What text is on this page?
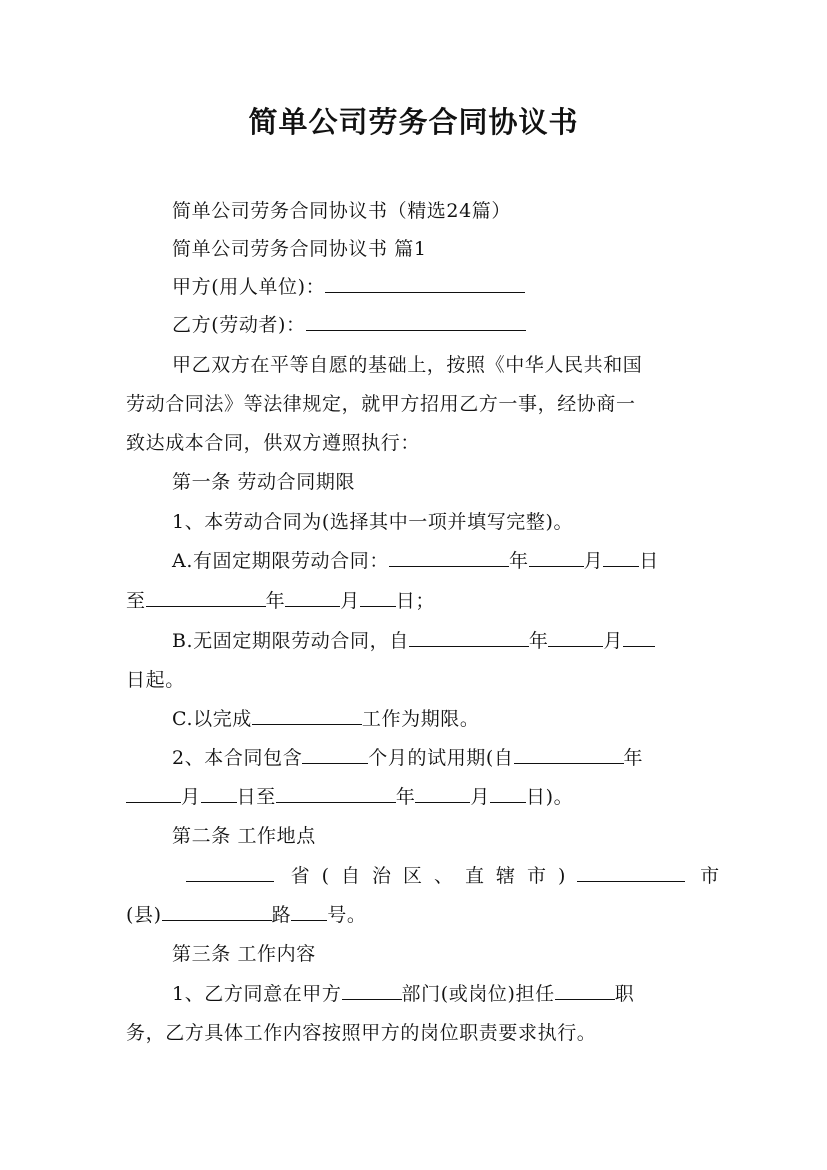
简单公司劳务合同协议书
简单公司劳务合同协议书（精选24篇）
简单公司劳务合同协议书 篇1
甲方(用人单位)：
乙方(劳动者)：
甲乙双方在平等自愿的基础上，按照《中华人民共和国
劳动合同法》等法律规定，就甲方招用乙方一事，经协商一
致达成本合同，供双方遵照执行：
第一条 劳动合同期限
1、本劳动合同为(选择其中一项并填写完整)。
A.有固定期限劳动合同：	年	月 日
至	年	月 日；
B.无固定期限劳动合同，自	年	月
日起。
C.以完成	工作为期限。
2、本合同包含	个月的试用期(自	年
月 日至	年	月 日)。
第二条 工作地点
省(自治区、直辖市)	市
(县)	路 号。
第三条 工作内容
1、乙方同意在甲方	部门(或岗位)担任	职
务，乙方具体工作内容按照甲方的岗位职责要求执行。
